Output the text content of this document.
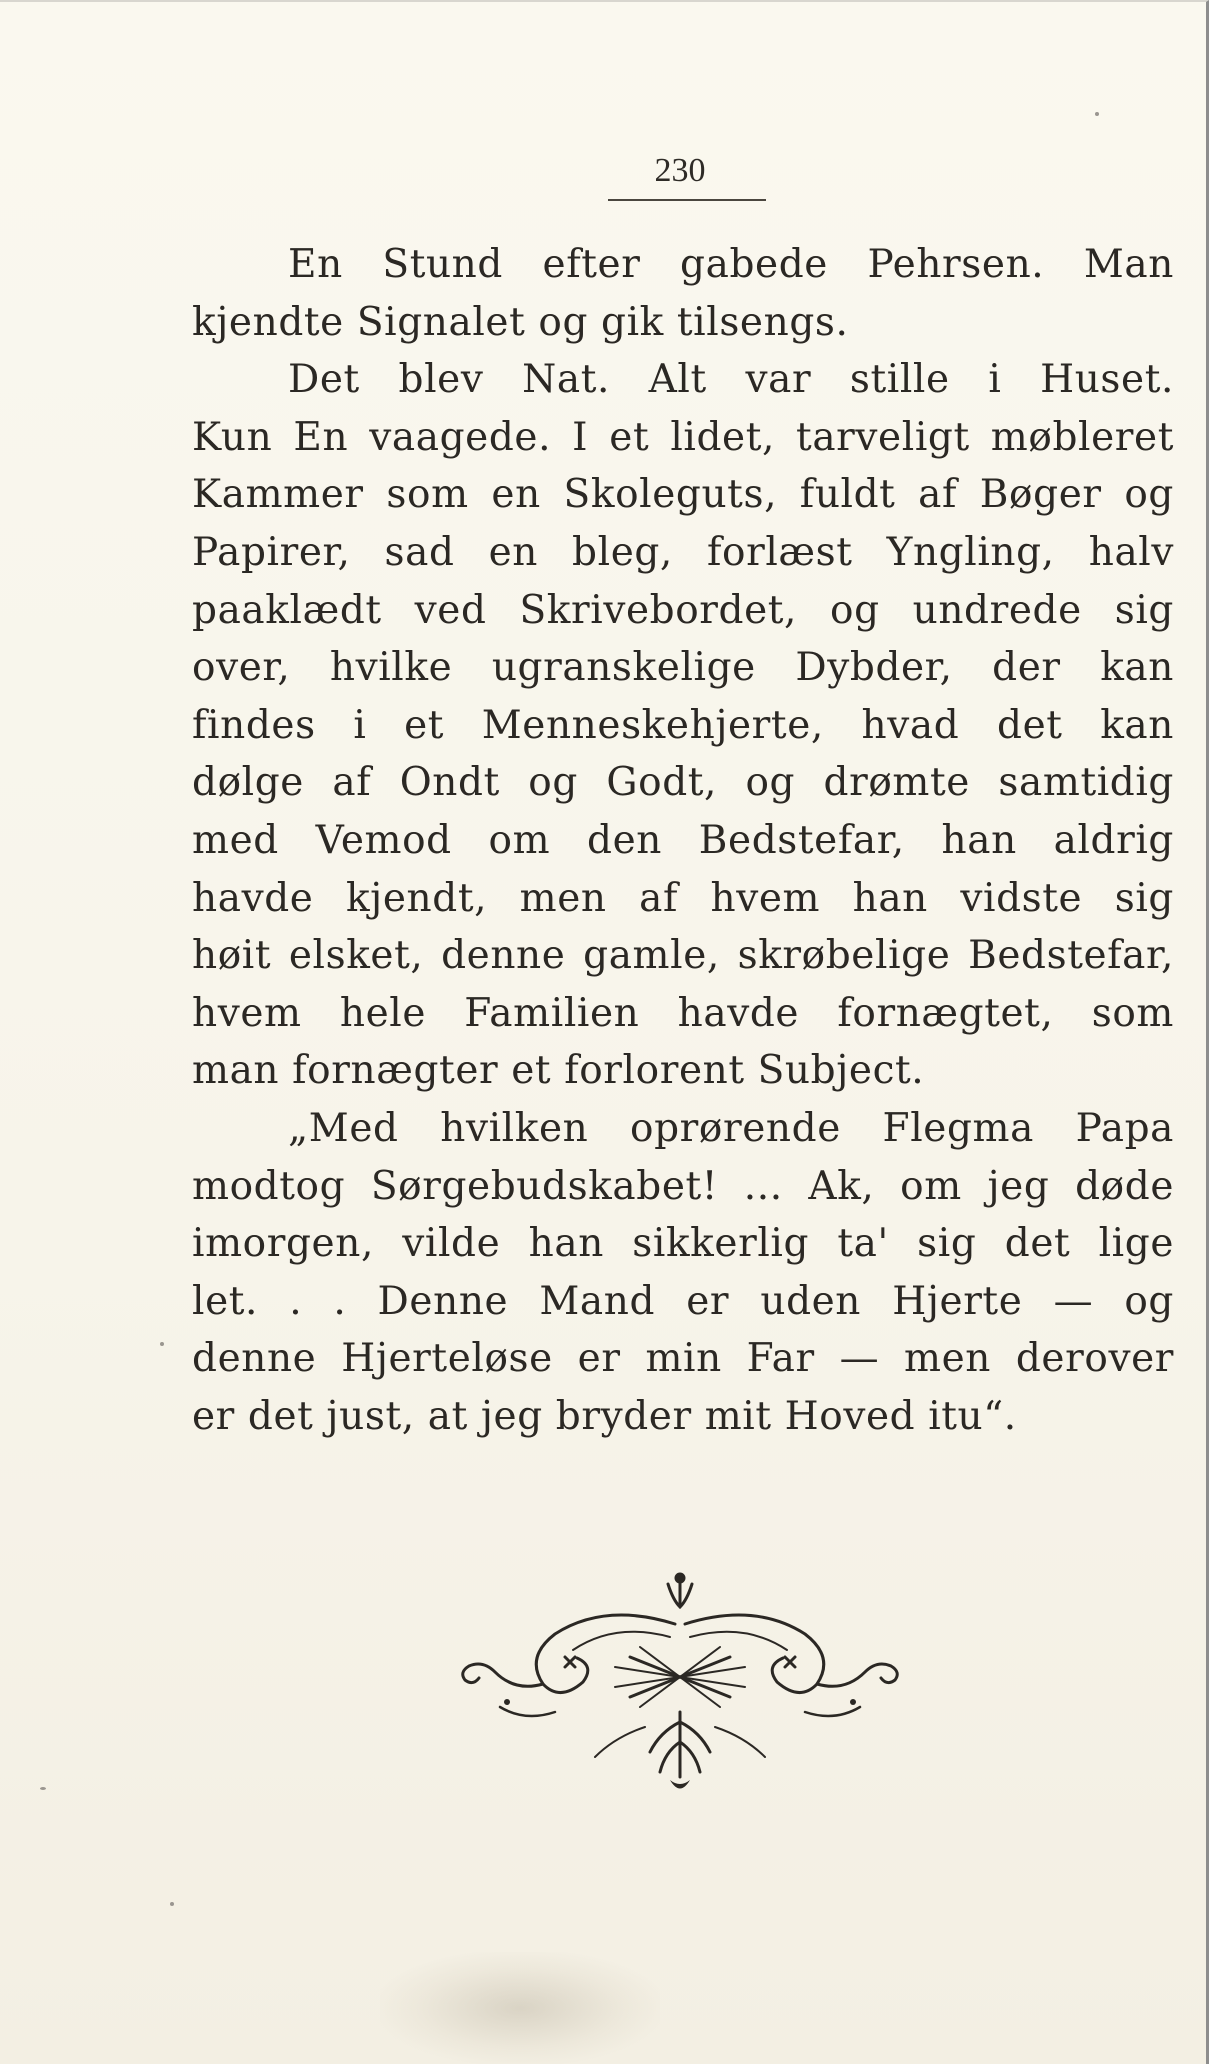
230
En Stund efter gabede Pehrsen. Man
kjendte Signalet og gik tilsengs.
Det blev Nat. Alt var stille i Huset.
Kun En vaagede. I et lidet, tarveligt møbleret
Kammer som en Skoleguts, fuldt af Bøger og
Papirer, sad en bleg, forlæst Yngling, halv
paaklædt ved Skrivebordet, og undrede sig
over, hvilke ugranskelige Dybder, der kan
findes i et Menneskehjerte, hvad det kan
dølge af Ondt og Godt, og drømte samtidig
med Vemod om den Bedstefar, han aldrig
havde kjendt, men af hvem han vidste sig
høit elsket, denne gamle, skrøbelige Bedstefar,
hvem hele Familien havde fornægtet, som
man fornægter et forlorent Subject.
„Med hvilken oprørende Flegma Papa
modtog Sørgebudskabet! ... Ak, om jeg døde
imorgen, vilde han sikkerlig ta' sig det lige
let. . . Denne Mand er uden Hjerte — og
denne Hjerteløse er min Far — men derover
er det just, at jeg bryder mit Hoved itu“.
